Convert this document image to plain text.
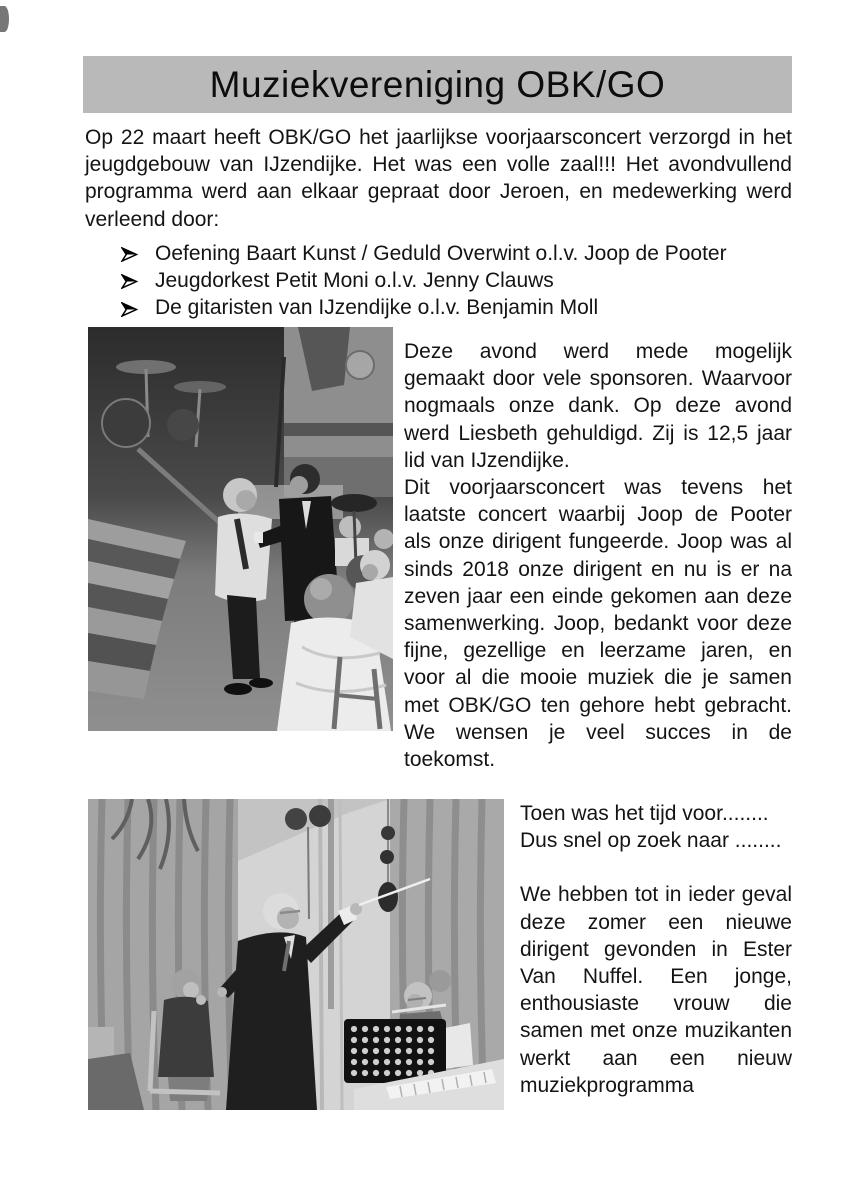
Muziekvereniging OBK/GO

Op 22 maart heeft OBK/GO het jaarlijkse voorjaarsconcert verzorgd in het jeugdgebouw van IJzendijke. Het was een volle zaal!!! Het avondvullend programma werd aan elkaar gepraat door Jeroen, en medewerking werd verleend door:

Oefening Baart Kunst / Geduld Overwint o.l.v. Joop de Pooter
Jeugdorkest Petit Moni o.l.v. Jenny Clauws
De gitaristen van IJzendijke o.l.v. Benjamin Moll

Deze avond werd mede mogelijk gemaakt door vele sponsoren. Waarvoor nogmaals onze dank. Op deze avond werd Liesbeth gehuldigd. Zij is 12,5 jaar lid van IJzendijke.

Dit voorjaarsconcert was tevens het laatste concert waarbij Joop de Pooter als onze dirigent fungeerde. Joop was al sinds 2018 onze dirigent en nu is er na zeven jaar een einde gekomen aan deze samenwerking. Joop, bedankt voor deze fijne, gezellige en leerzame jaren, en voor al die mooie muziek die je samen met OBK/GO ten gehore hebt gebracht. We wensen je veel succes in de toekomst.

Toen was het tijd voor........

Dus snel op zoek naar ........

We hebben tot in ieder geval deze zomer een nieuwe dirigent gevonden in Ester Van Nuffel. Een jonge, enthousiaste vrouw die samen met onze muzikanten werkt aan een nieuw muziekprogramma
